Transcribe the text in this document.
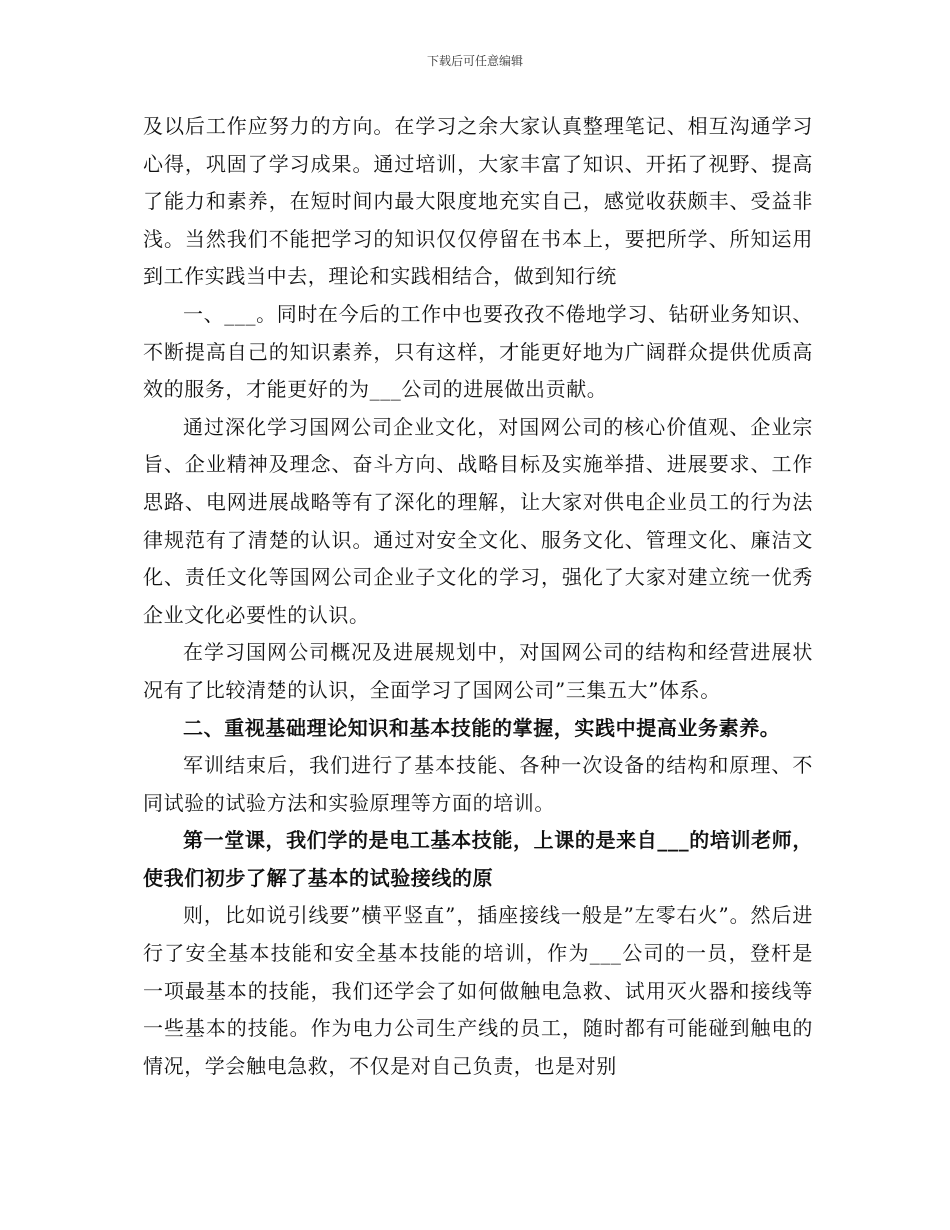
下载后可任意编辑

及以后工作应努力的方向。在学习之余大家认真整理笔记、相互沟通学习心得，巩固了学习成果。通过培训，大家丰富了知识、开拓了视野、提高了能力和素养，在短时间内最大限度地充实自己，感觉收获颇丰、受益非浅。当然我们不能把学习的知识仅仅停留在书本上，要把所学、所知运用到工作实践当中去，理论和实践相结合，做到知行统

一、___。同时在今后的工作中也要孜孜不倦地学习、钻研业务知识、不断提高自己的知识素养，只有这样，才能更好地为广阔群众提供优质高效的服务，才能更好的为___公司的进展做出贡献。

通过深化学习国网公司企业文化，对国网公司的核心价值观、企业宗旨、企业精神及理念、奋斗方向、战略目标及实施举措、进展要求、工作思路、电网进展战略等有了深化的理解，让大家对供电企业员工的行为法律规范有了清楚的认识。通过对安全文化、服务文化、管理文化、廉洁文化、责任文化等国网公司企业子文化的学习，强化了大家对建立统一优秀企业文化必要性的认识。

在学习国网公司概况及进展规划中，对国网公司的结构和经营进展状况有了比较清楚的认识，全面学习了国网公司”三集五大”体系。

二、重视基础理论知识和基本技能的掌握，实践中提高业务素养。

军训结束后，我们进行了基本技能、各种一次设备的结构和原理、不同试验的试验方法和实验原理等方面的培训。

第一堂课，我们学的是电工基本技能，上课的是来自___的培训老师，使我们初步了解了基本的试验接线的原

则，比如说引线要”横平竖直”，插座接线一般是”左零右火”。然后进行了安全基本技能和安全基本技能的培训，作为___公司的一员，登杆是一项最基本的技能，我们还学会了如何做触电急救、试用灭火器和接线等一些基本的技能。作为电力公司生产线的员工，随时都有可能碰到触电的情况，学会触电急救，不仅是对自己负责，也是对别
